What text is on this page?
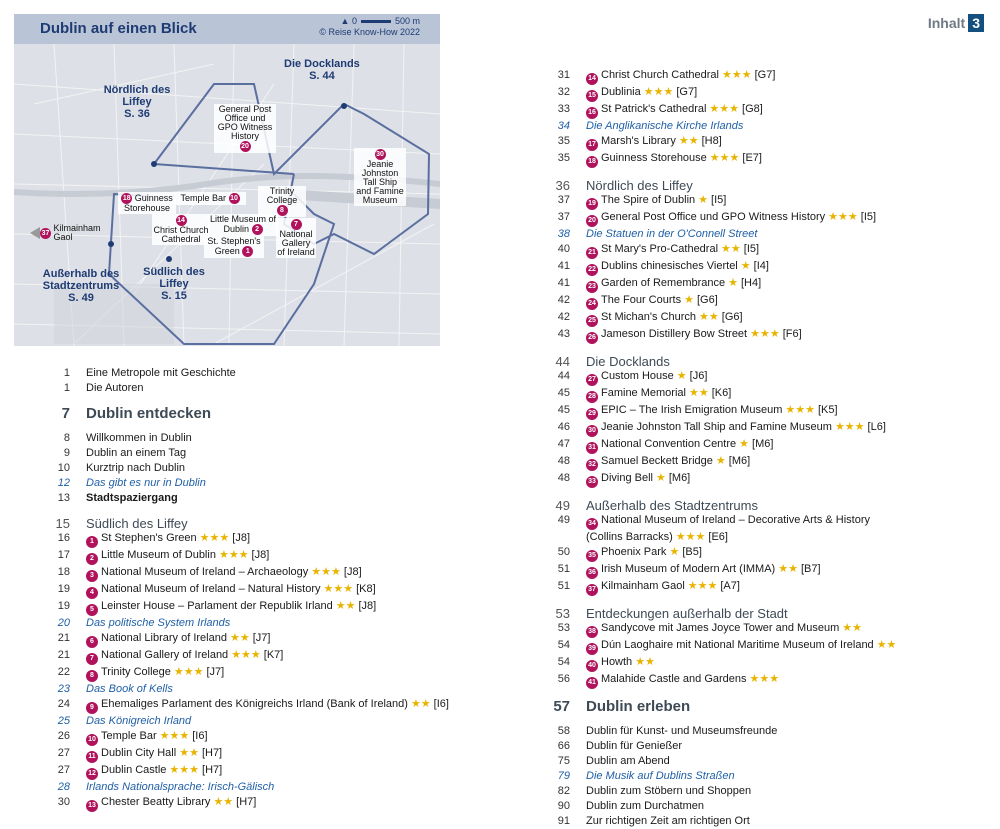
Inhalt 3
Dublin auf einen Blick	▲ 0	500 m
© Reise Know-How 2022
Die Docklands
S. 44
Nördlich des Liffey
S. 36
Außerhalb des Stadtzentrums
S. 49
Südlich des Liffey
S. 15
General Post Office und GPO Witness History
20
30
Jeanie Johnston Tall Ship and Famine Museum
18 Guinness Storehouse
Temple Bar 10
Trinity College
8
Little Museum of Dublin 2
14
Christ Church Cathedral
7
National Gallery of Ireland
St. Stephen's Green 1
37 Kilmainham Gaol
1 Eine Metropole mit Geschichte
1 Die Autoren
7 Dublin entdecken
8 Willkommen in Dublin
9 Dublin an einem Tag
10 Kurztrip nach Dublin
12 Das gibt es nur in Dublin
13 Stadtspaziergang
15 Südlich des Liffey
16	1 St Stephen's Green ★★★ [J8]
17	2 Little Museum of Dublin ★★★ [J8]
18	3 National Museum of Ireland – Archaeology ★★★ [J8]
19	4 National Museum of Ireland – Natural History ★★★ [K8]
19	5 Leinster House – Parlament der Republik Irland ★★ [J8]
20 Das politische System Irlands
21	6 National Library of Ireland ★★ [J7]
21	7 National Gallery of Ireland ★★★ [K7]
22	8 Trinity College ★★★ [J7]
23 Das Book of Kells
24	9 Ehemaliges Parlament des Königreichs Irland (Bank of Ireland) ★★ [I6]
25 Das Königreich Irland
26	10 Temple Bar ★★★ [I6]
27	11 Dublin City Hall ★★ [H7]
27	12 Dublin Castle ★★★ [H7]
28 Irlands Nationalsprache: Irisch-Gälisch
30	13 Chester Beatty Library ★★ [H7]
31	14 Christ Church Cathedral ★★★ [G7]
32	15 Dublinia ★★★ [G7]
33	16 St Patrick's Cathedral ★★★ [G8]
34 Die Anglikanische Kirche Irlands
35	17 Marsh's Library ★★ [H8]
35	18 Guinness Storehouse ★★★ [E7]
36 Nördlich des Liffey
37	19 The Spire of Dublin ★ [I5]
37	20 General Post Office und GPO Witness History ★★★ [I5]
38 Die Statuen in der O'Connell Street
40	21 St Mary's Pro-Cathedral ★★ [I5]
41	22 Dublins chinesisches Viertel ★ [I4]
41	23 Garden of Remembrance ★ [H4]
42	24 The Four Courts ★ [G6]
42	25 St Michan's Church ★★ [G6]
43	26 Jameson Distillery Bow Street ★★★ [F6]
44 Die Docklands
44	27 Custom House ★ [J6]
45	28 Famine Memorial ★★ [K6]
45	29 EPIC – The Irish Emigration Museum ★★★ [K5]
46	30 Jeanie Johnston Tall Ship and Famine Museum ★★★ [L6]
47	31 National Convention Centre ★ [M6]
48	32 Samuel Beckett Bridge ★ [M6]
48	33 Diving Bell ★ [M6]
49 Außerhalb des Stadtzentrums
49	34 National Museum of Ireland – Decorative Arts & History
(Collins Barracks) ★★★ [E6]
50	35 Phoenix Park ★ [B5]
51	36 Irish Museum of Modern Art (IMMA) ★★ [B7]
51	37 Kilmainham Gaol ★★★ [A7]
53 Entdeckungen außerhalb der Stadt
53	38 Sandycove mit James Joyce Tower and Museum ★★
54	39 Dún Laoghaire mit National Maritime Museum of Ireland ★★
54	40 Howth ★★
56	41 Malahide Castle and Gardens ★★★
57 Dublin erleben
58 Dublin für Kunst- und Museumsfreunde
66 Dublin für Genießer
75 Dublin am Abend
79 Die Musik auf Dublins Straßen
82 Dublin zum Stöbern und Shoppen
90 Dublin zum Durchatmen
91 Zur richtigen Zeit am richtigen Ort
